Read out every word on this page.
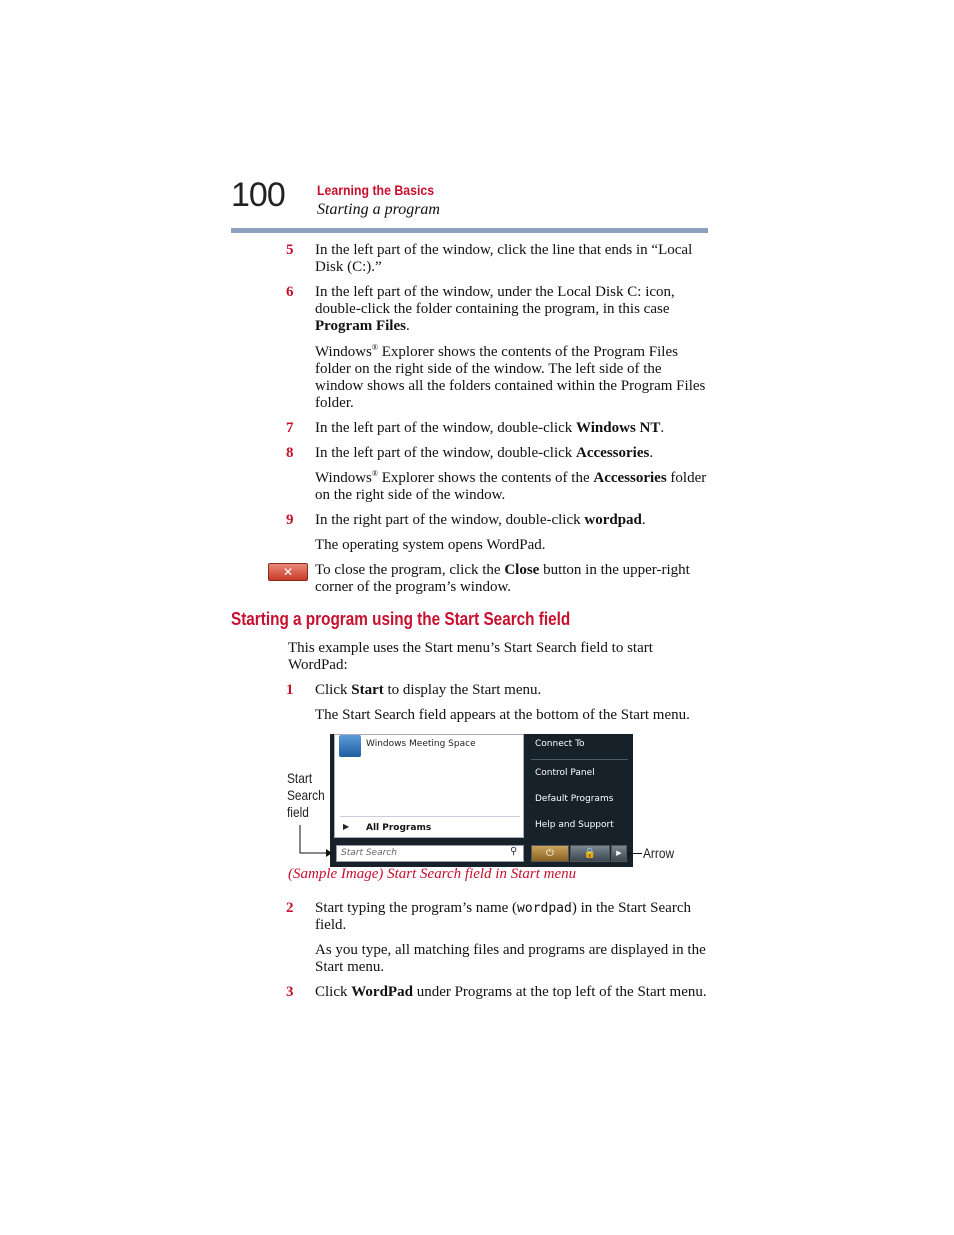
100 Learning the Basics
Starting a program
5	In the left part of the window, click the line that ends in “Local Disk (C:).”
6	In the left part of the window, under the Local Disk C: icon, double-click the folder containing the program, in this case Program Files.
Windows® Explorer shows the contents of the Program Files folder on the right side of the window. The left side of the window shows all the folders contained within the Program Files folder.
7	In the left part of the window, double-click Windows NT.
8	In the left part of the window, double-click Accessories.
Windows® Explorer shows the contents of the Accessories folder on the right side of the window.
9	In the right part of the window, double-click wordpad.
The operating system opens WordPad.
✕	To close the program, click the Close button in the upper-right corner of the program’s window.
Starting a program using the Start Search field
This example uses the Start menu’s Start Search field to start WordPad:
1	Click Start to display the Start menu.
The Start Search field appears at the bottom of the Start menu.
Windows Meeting Space
▶ All Programs
Connect To
Control Panel
Default Programs
Help and Support
Start Search	⚲	⏻	🔒	▶
Start
Search
field
Arrow
(Sample Image) Start Search field in Start menu
2	Start typing the program’s name (wordpad) in the Start Search field.
As you type, all matching files and programs are displayed in the Start menu.
3	Click WordPad under Programs at the top left of the Start menu.
